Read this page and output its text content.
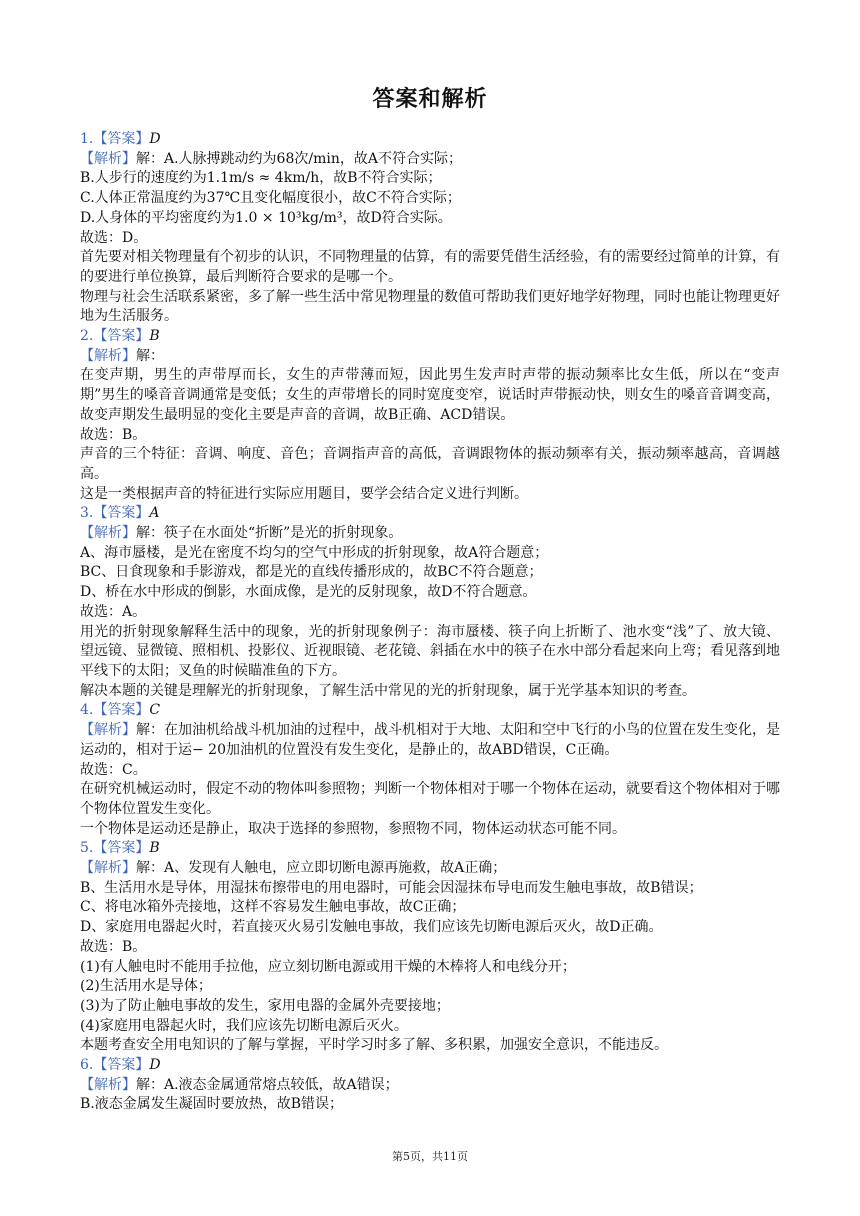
答案和解析
1.【答案】D
【解析】解：A.人脉搏跳动约为68次/min，故A不符合实际；
B.人步行的速度约为1.1m/s ≈ 4km/h，故B不符合实际；
C.人体正常温度约为37℃且变化幅度很小，故C不符合实际；
D.人身体的平均密度约为1.0 × 10³kg/m³，故D符合实际。
故选：D。
首先要对相关物理量有个初步的认识，不同物理量的估算，有的需要凭借生活经验，有的需要经过简单的计算，有的要进行单位换算，最后判断符合要求的是哪一个。
物理与社会生活联系紧密，多了解一些生活中常见物理量的数值可帮助我们更好地学好物理，同时也能让物理更好地为生活服务。
2.【答案】B
【解析】解：
在变声期，男生的声带厚而长，女生的声带薄而短，因此男生发声时声带的振动频率比女生低，所以在“变声期”男生的嗓音音调通常是变低；女生的声带增长的同时宽度变窄，说话时声带振动快，则女生的嗓音音调变高，故变声期发生最明显的变化主要是声音的音调，故B正确、ACD错误。
故选：B。
声音的三个特征：音调、响度、音色；音调指声音的高低，音调跟物体的振动频率有关，振动频率越高，音调越高。
这是一类根据声音的特征进行实际应用题目，要学会结合定义进行判断。
3.【答案】A
【解析】解：筷子在水面处“折断”是光的折射现象。
A、海市蜃楼，是光在密度不均匀的空气中形成的折射现象，故A符合题意；
BC、日食现象和手影游戏，都是光的直线传播形成的，故BC不符合题意；
D、桥在水中形成的倒影，水面成像，是光的反射现象，故D不符合题意。
故选：A。
用光的折射现象解释生活中的现象，光的折射现象例子：海市蜃楼、筷子向上折断了、池水变“浅”了、放大镜、望远镜、显微镜、照相机、投影仪、近视眼镜、老花镜、斜插在水中的筷子在水中部分看起来向上弯；看见落到地平线下的太阳；叉鱼的时候瞄准鱼的下方。
解决本题的关键是理解光的折射现象，了解生活中常见的光的折射现象，属于光学基本知识的考查。
4.【答案】C
【解析】解：在加油机给战斗机加油的过程中，战斗机相对于大地、太阳和空中飞行的小鸟的位置在发生变化，是运动的，相对于运− 20加油机的位置没有发生变化，是静止的，故ABD错误，C正确。
故选：C。
在研究机械运动时，假定不动的物体叫参照物；判断一个物体相对于哪一个物体在运动，就要看这个物体相对于哪个物体位置发生变化。
一个物体是运动还是静止，取决于选择的参照物，参照物不同，物体运动状态可能不同。
5.【答案】B
【解析】解：A、发现有人触电，应立即切断电源再施救，故A正确；
B、生活用水是导体，用湿抹布擦带电的用电器时，可能会因湿抹布导电而发生触电事故，故B错误；
C、将电冰箱外壳接地，这样不容易发生触电事故，故C正确；
D、家庭用电器起火时，若直接灭火易引发触电事故，我们应该先切断电源后灭火，故D正确。
故选：B。
(1)有人触电时不能用手拉他，应立刻切断电源或用干燥的木棒将人和电线分开；
(2)生活用水是导体；
(3)为了防止触电事故的发生，家用电器的金属外壳要接地；
(4)家庭用电器起火时，我们应该先切断电源后灭火。
本题考查安全用电知识的了解与掌握，平时学习时多了解、多积累，加强安全意识，不能违反。
6.【答案】D
【解析】解：A.液态金属通常熔点较低，故A错误；
B.液态金属发生凝固时要放热，故B错误；
第5页，共11页
